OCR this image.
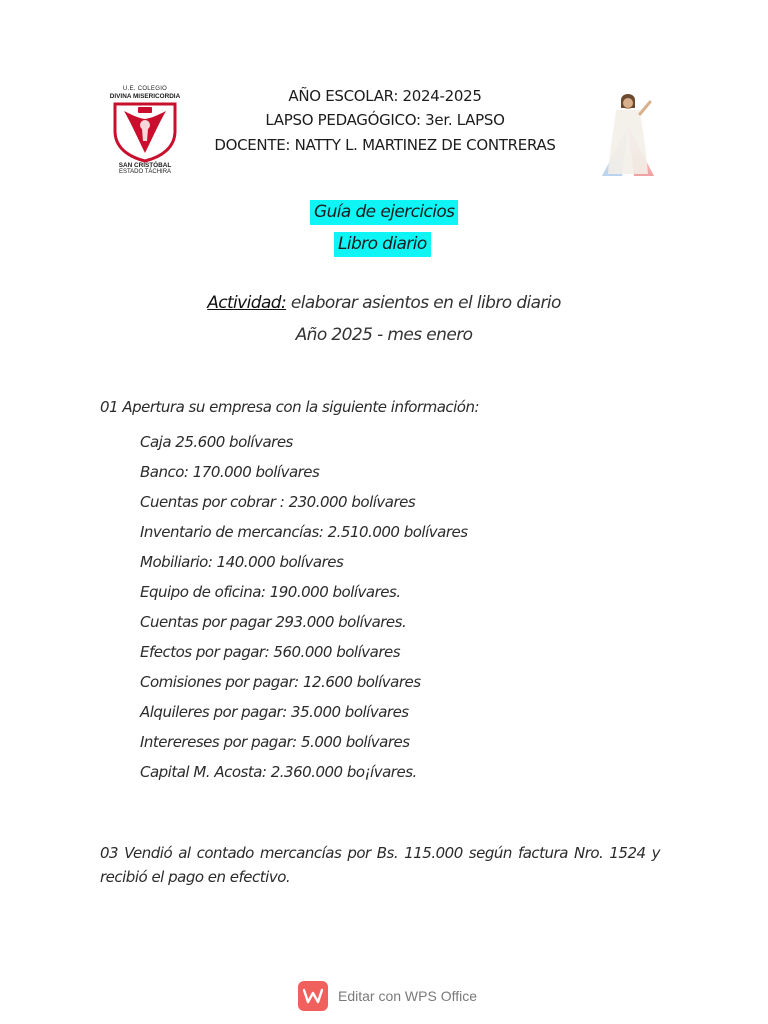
U.E. COLEGIO
DIVINA MISERICORDIA
SAN CRISTÓBAL
ESTADO TÁCHIRA
AÑO ESCOLAR: 2024-2025
LAPSO PEDAGÓGICO: 3er. LAPSO
DOCENTE: NATTY L. MARTINEZ DE CONTRERAS
Guía de ejercicios
Libro diario
Actividad: elaborar asientos en el libro diario
Año 2025 - mes enero
01 Apertura su empresa con la siguiente información:
Caja 25.600 bolívares
Banco: 170.000 bolívares
Cuentas por cobrar : 230.000 bolívares
Inventario de mercancías: 2.510.000 bolívares
Mobiliario: 140.000 bolívares
Equipo de oficina: 190.000 bolívares.
Cuentas por pagar 293.000 bolívares.
Efectos por pagar: 560.000 bolívares
Comisiones por pagar: 12.600 bolívares
Alquileres por pagar: 35.000 bolívares
Interereses por pagar: 5.000 bolívares
Capital M. Acosta: 2.360.000 bo¡ívares.
03 Vendió al contado mercancías por Bs. 115.000 según factura Nro. 1524 y recibió el pago en efectivo.
Editar con WPS Office
